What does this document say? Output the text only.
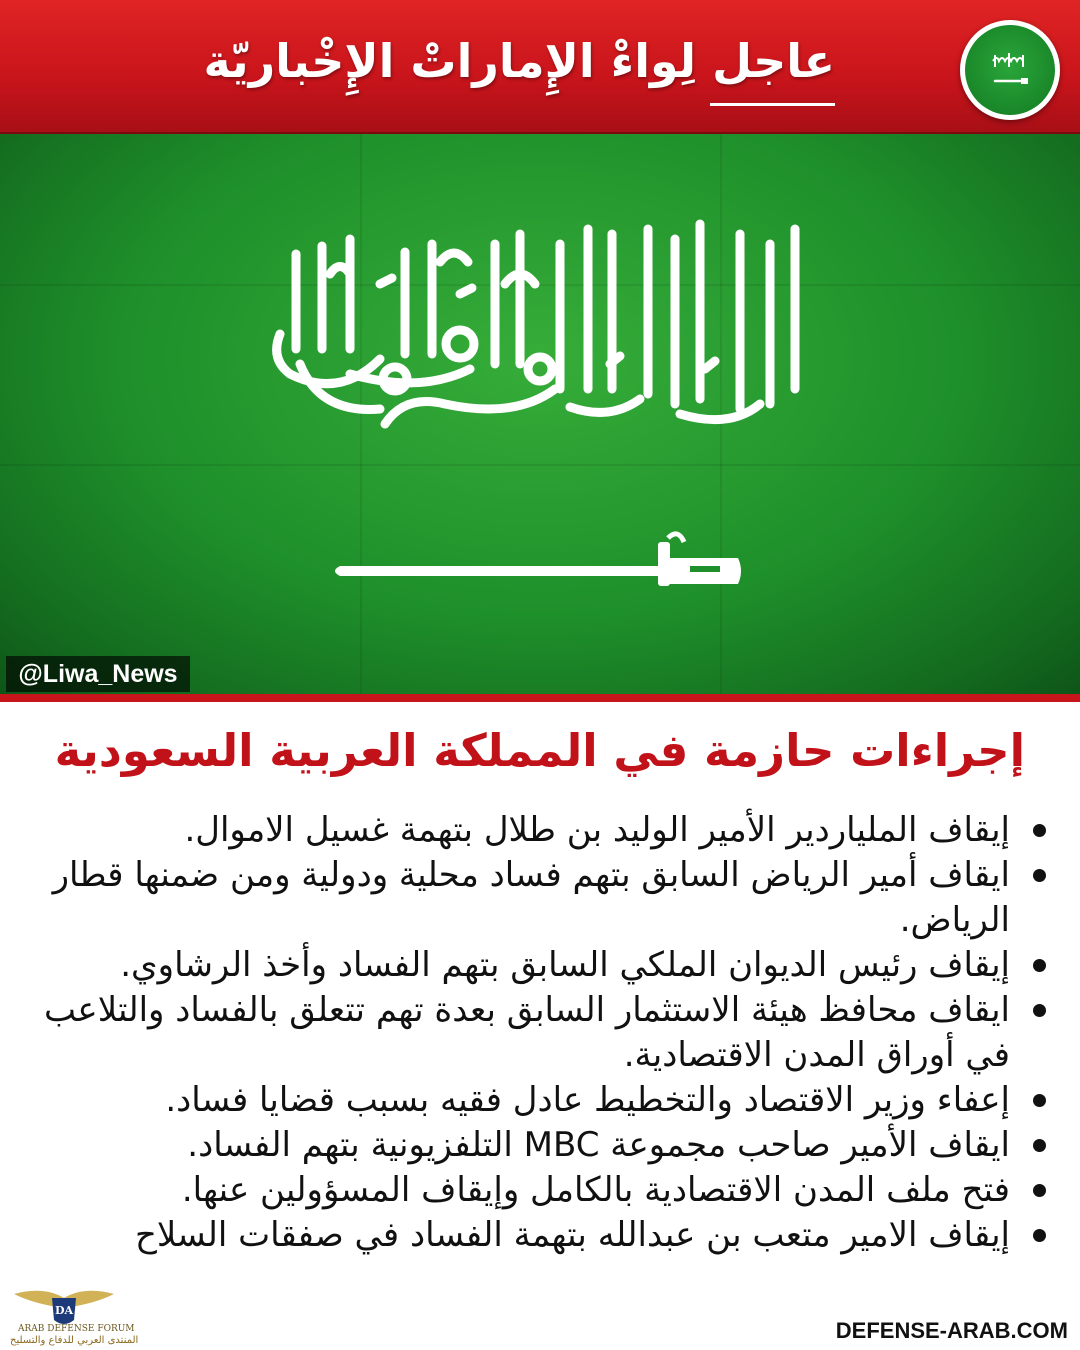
عاجل لِواءْ الإِماراتْ الإِخْباريّة
@Liwa_News
إجراءات حازمة في المملكة العربية السعودية
إيقاف الملياردير الأمير الوليد بن طلال بتهمة غسيل الاموال.
ايقاف أمير الرياض السابق بتهم فساد محلية ودولية ومن ضمنها قطار الرياض.
إيقاف رئيس الديوان الملكي السابق بتهم الفساد وأخذ الرشاوي.
ايقاف محافظ هيئة الاستثمار السابق بعدة تهم تتعلق بالفساد والتلاعب في أوراق المدن الاقتصادية.
إعفاء وزير الاقتصاد والتخطيط عادل فقيه بسبب قضايا فساد.
ايقاف الأمير صاحب مجموعة MBC التلفزيونية بتهم الفساد.
فتح ملف المدن الاقتصادية بالكامل وإيقاف المسؤولين عنها.
إيقاف الامير متعب بن عبدالله بتهمة الفساد في صفقات السلاح
DA
ARAB DEFENSE FORUM
المنتدى العربي للدفاع والتسليح	DEFENSE-ARAB.COM
